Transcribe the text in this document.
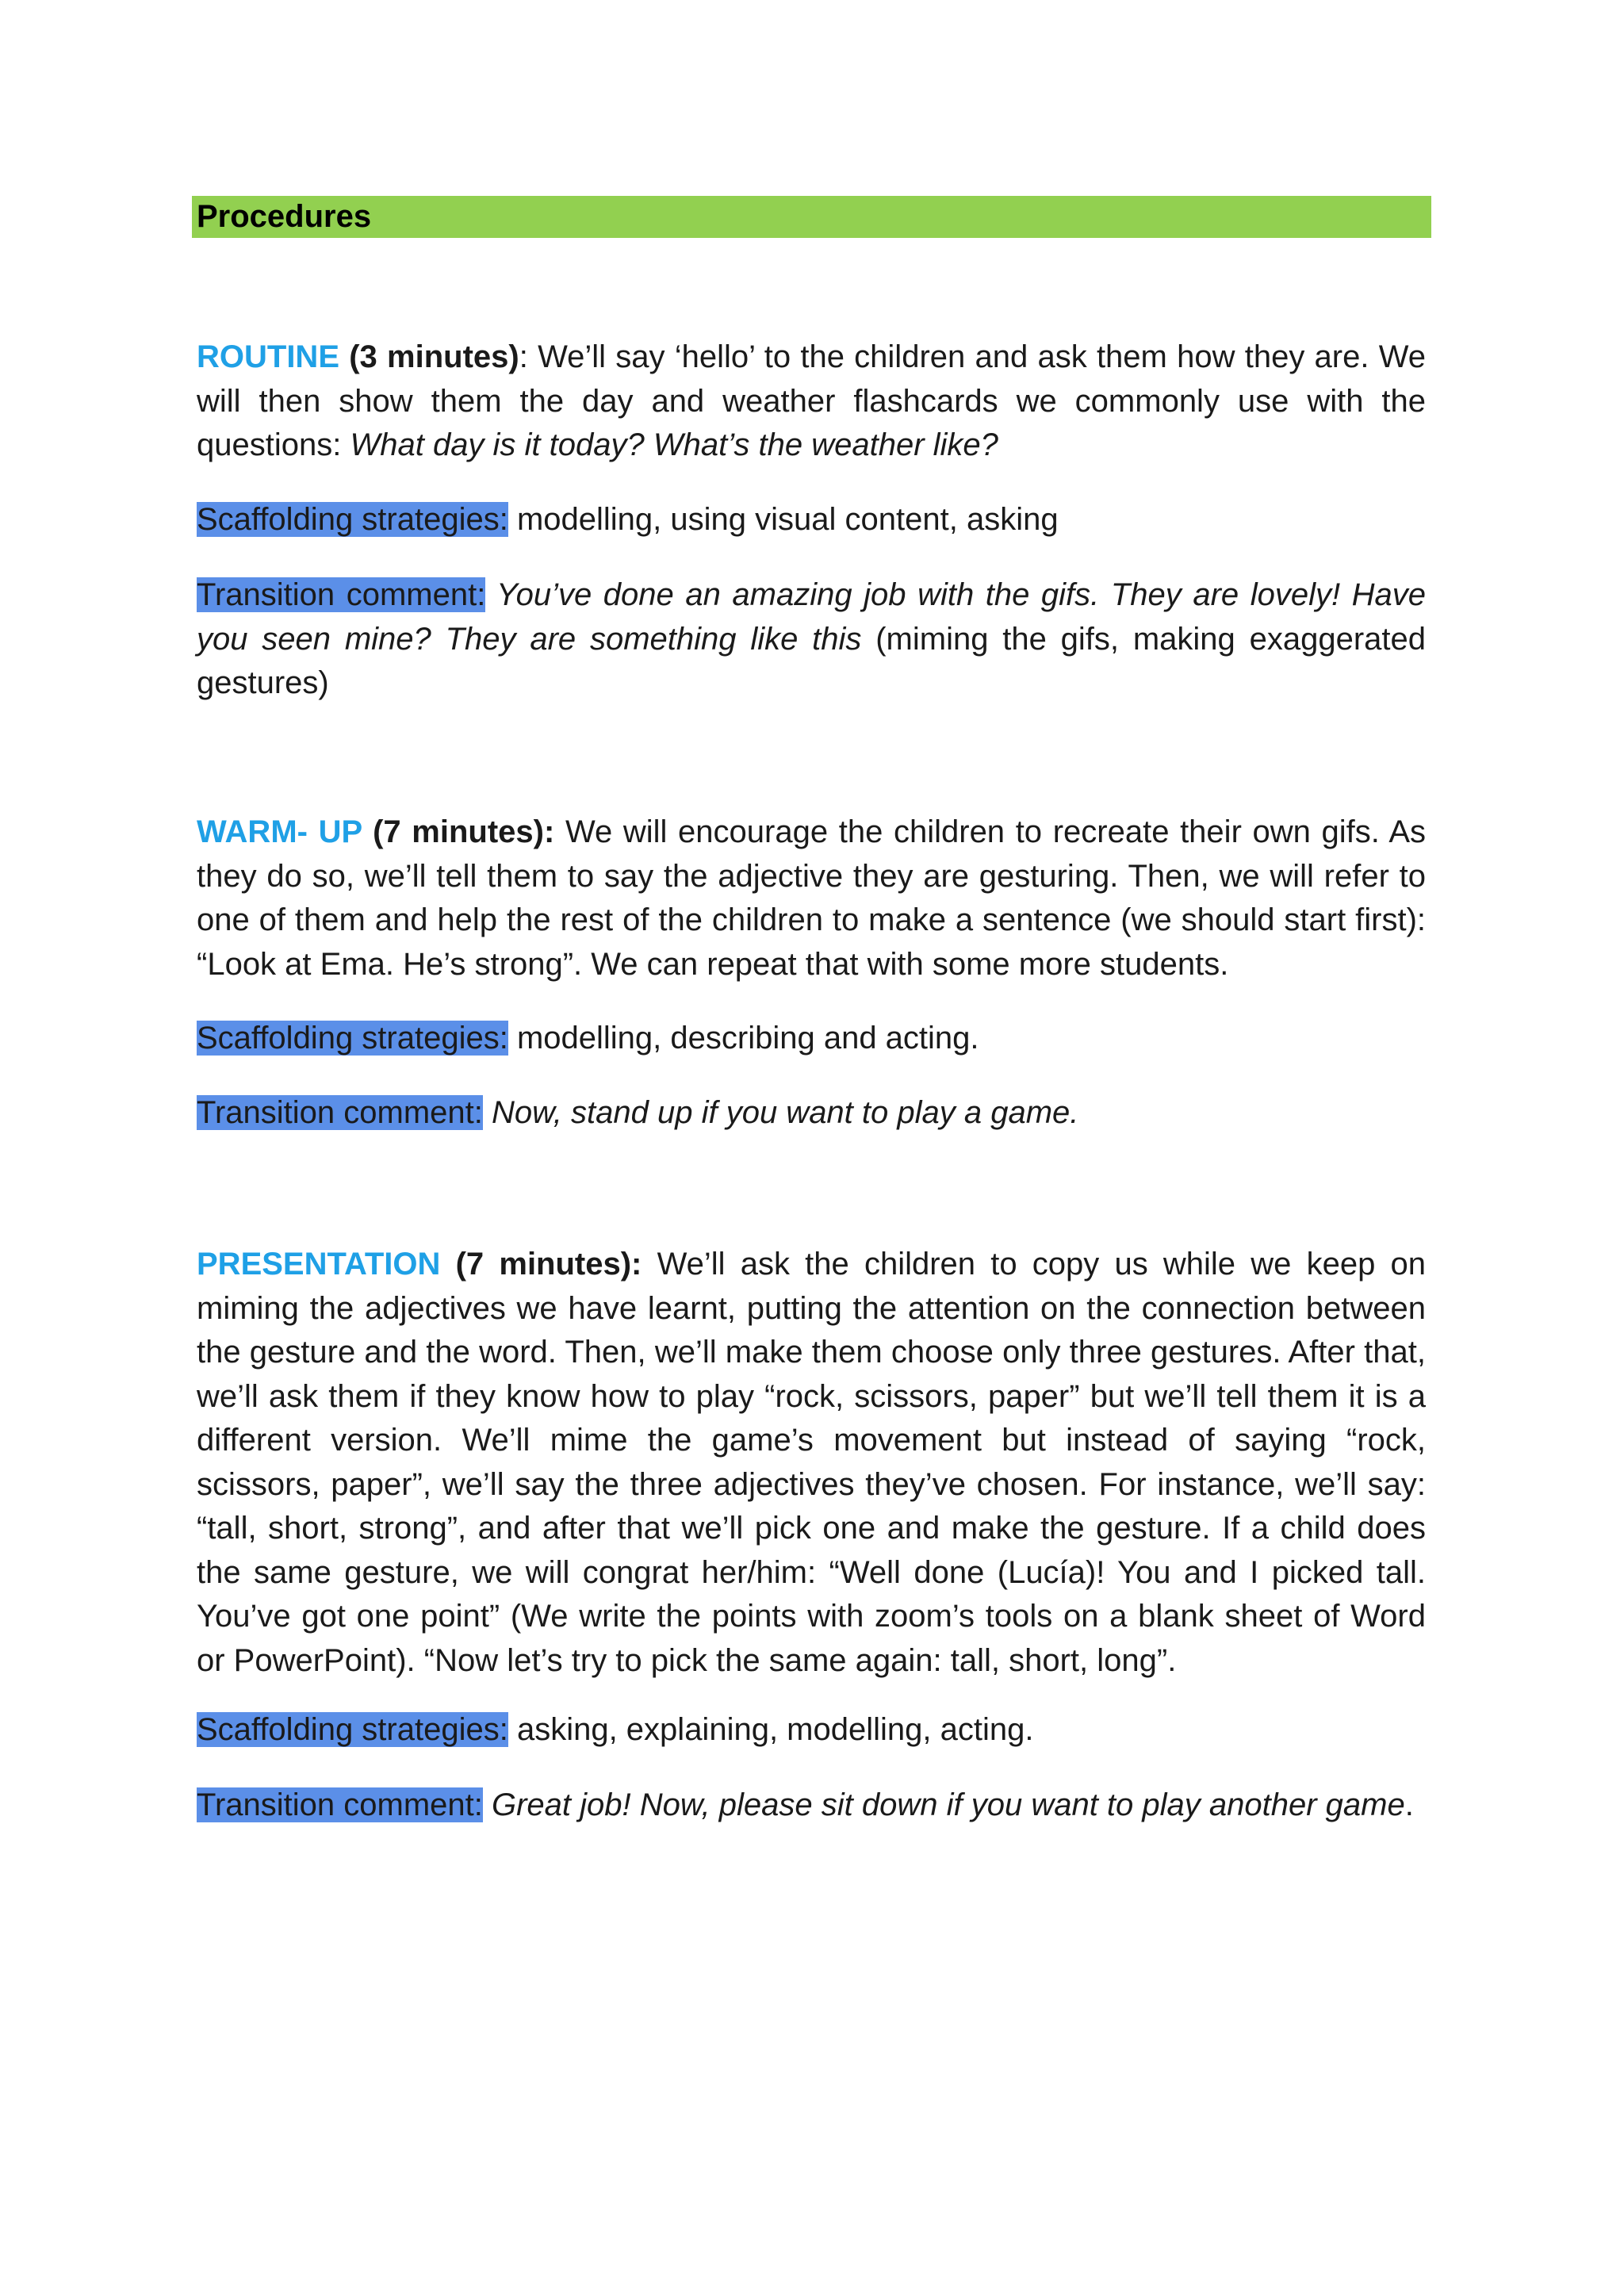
Procedures

ROUTINE (3 minutes): We’ll say ‘hello’ to the children and ask them how they are. We will then show them the day and weather flashcards we commonly use with the questions: What day is it today? What’s the weather like?

Scaffolding strategies: modelling, using visual content, asking

Transition comment: You’ve done an amazing job with the gifs. They are lovely! Have you seen mine? They are something like this (miming the gifs, making exaggerated gestures)

WARM- UP (7 minutes): We will encourage the children to recreate their own gifs. As they do so, we’ll tell them to say the adjective they are gesturing. Then, we will refer to one of them and help the rest of the children to make a sentence (we should start first): “Look at Ema. He’s strong”. We can repeat that with some more students.

Scaffolding strategies: modelling, describing and acting.
Transition comment: Now, stand up if you want to play a game.

PRESENTATION (7 minutes): We’ll ask the children to copy us while we keep on miming the adjectives we have learnt, putting the attention on the connection between the gesture and the word. Then, we’ll make them choose only three gestures. After that, we’ll ask them if they know how to play “rock, scissors, paper” but we’ll tell them it is a different version. We’ll mime the game’s movement but instead of saying “rock, scissors, paper”, we’ll say the three adjectives they’ve chosen. For instance, we’ll say: “tall, short, strong”, and after that we’ll pick one and make the gesture. If a child does the same gesture, we will congrat her/him: “Well done (Lucía)! You and I picked tall. You’ve got one point” (We write the points with zoom’s tools on a blank sheet of Word or PowerPoint). “Now let’s try to pick the same again: tall, short, long”.

Scaffolding strategies: asking, explaining, modelling, acting.
Transition comment: Great job! Now, please sit down if you want to play another game.
